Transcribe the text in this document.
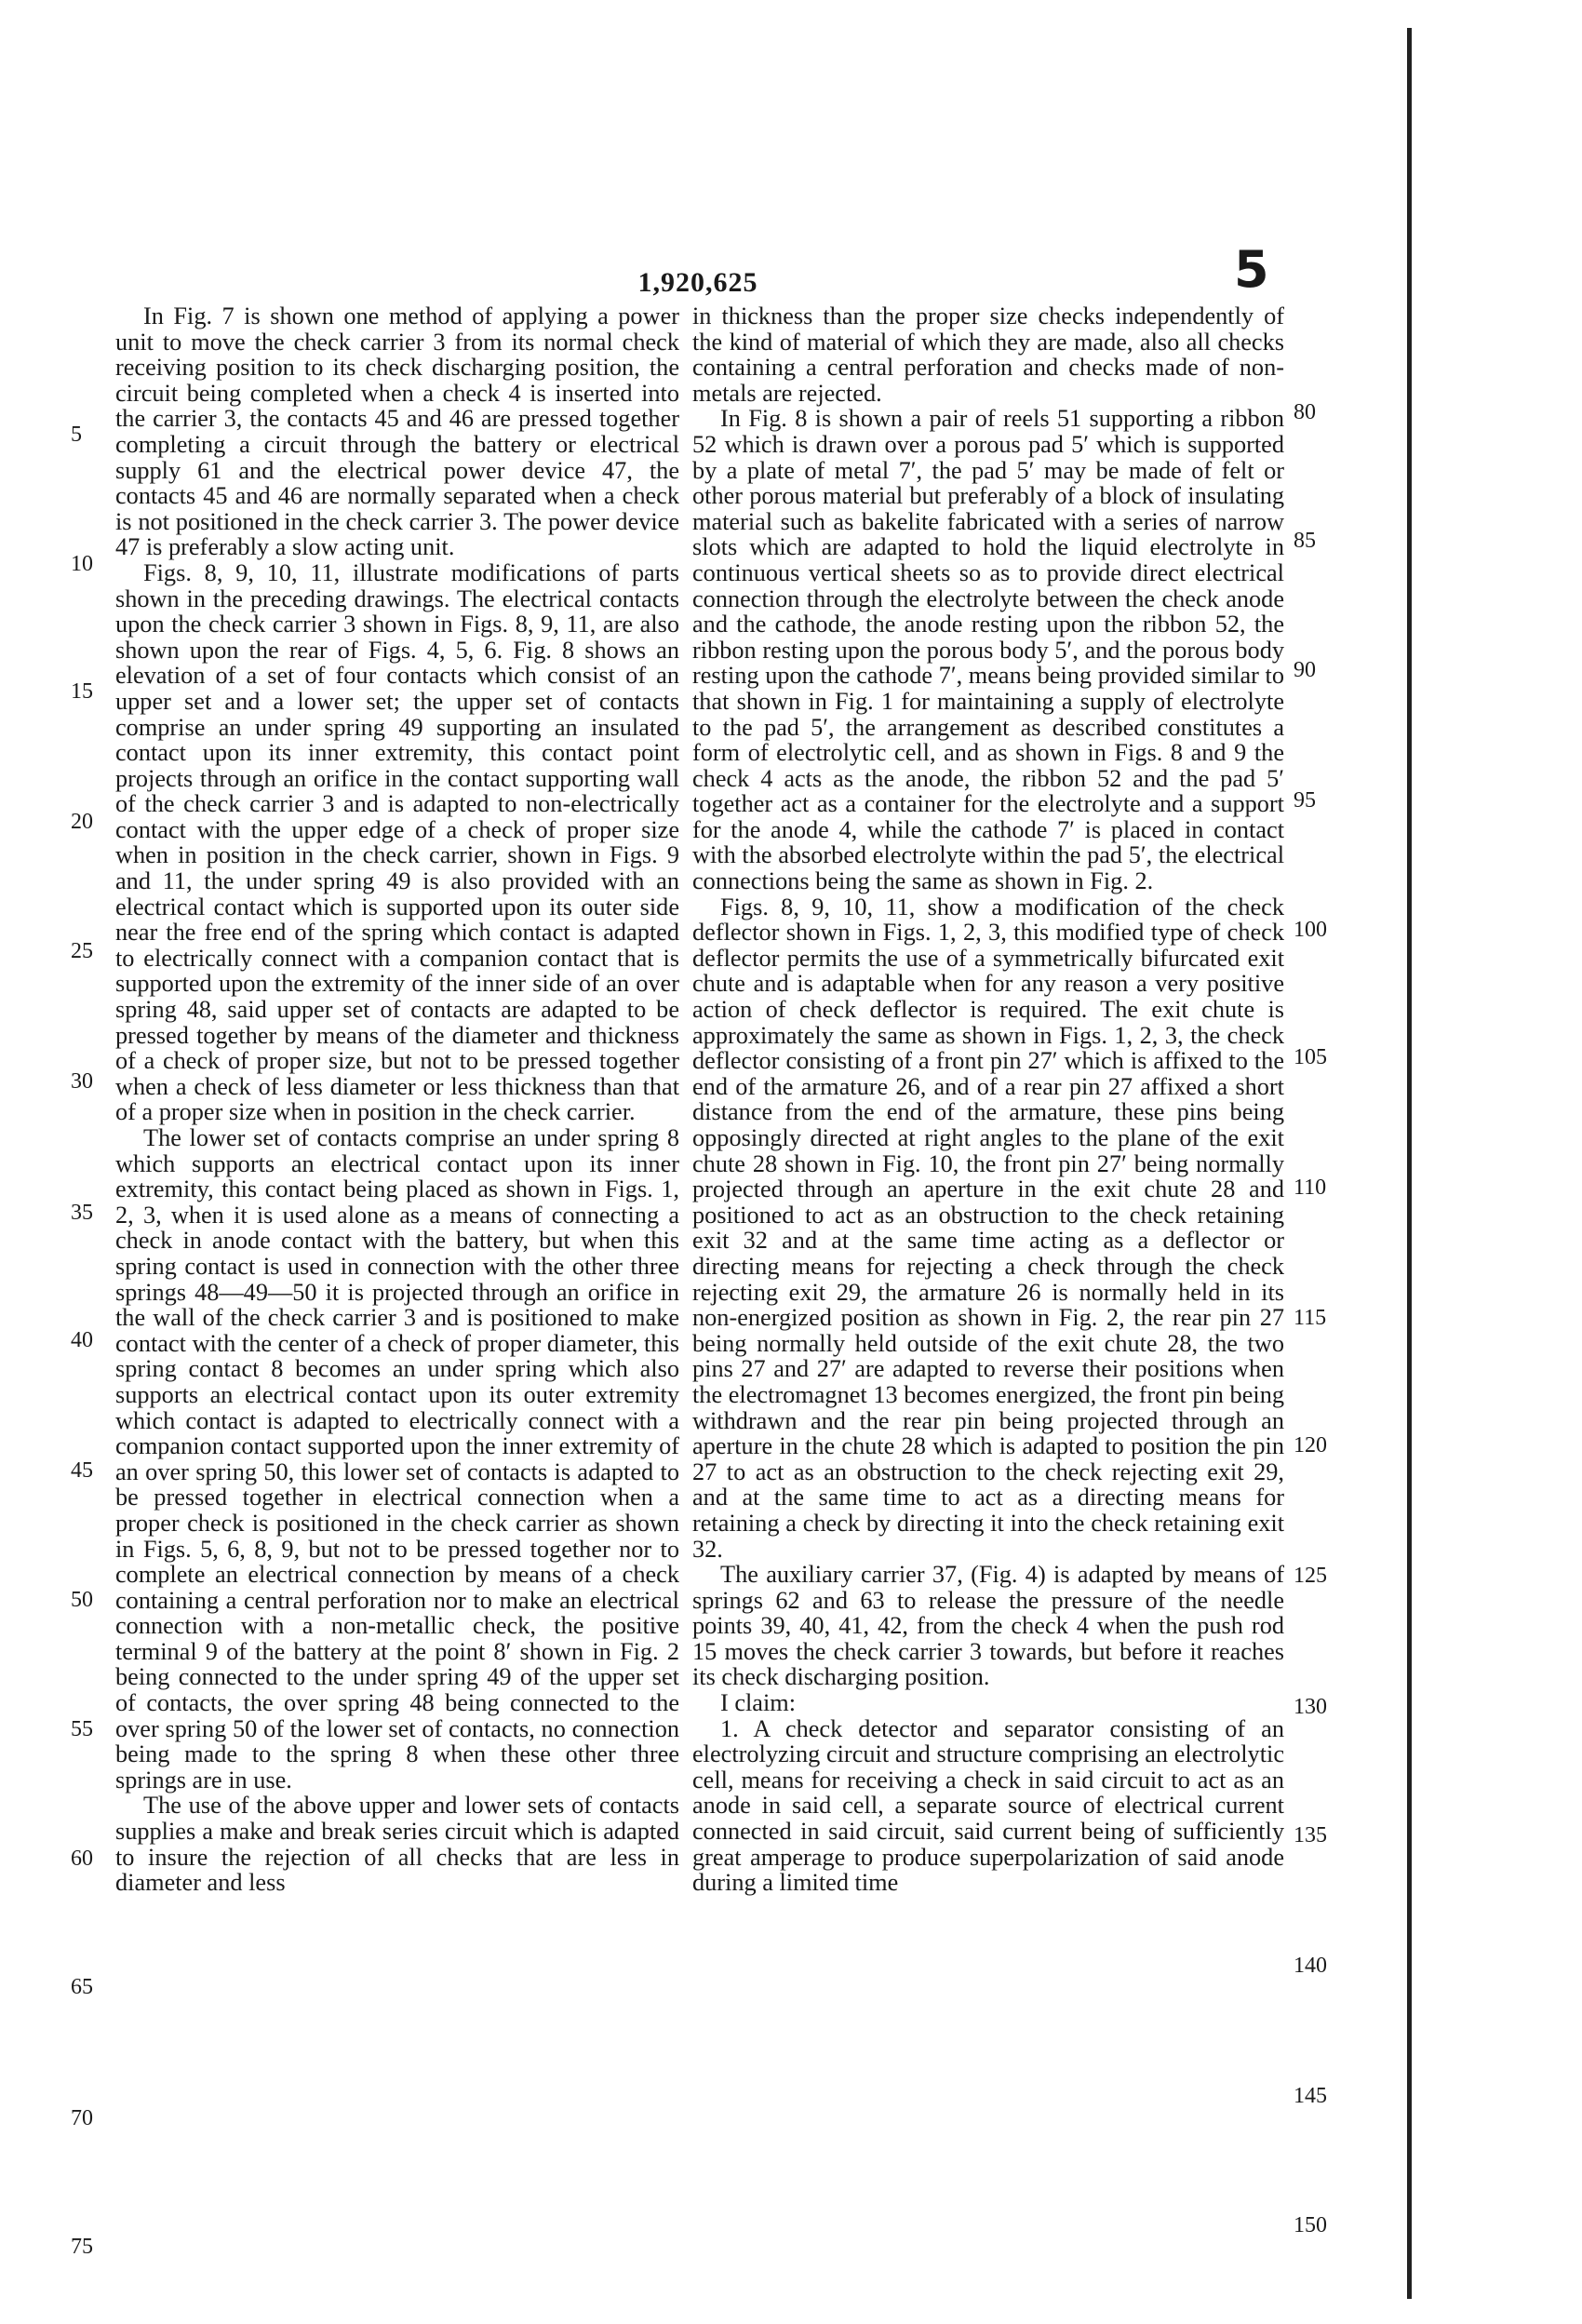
1,920,625	5

In Fig. 7 is shown one method of applying a power unit to move the check carrier 3 from its normal check receiving position to its check discharging position, the circuit being completed when a check 4 is inserted into the carrier 3, the contacts 45 and 46 are pressed together completing a circuit through the battery or electrical supply 61 and the electrical power device 47, the contacts 45 and 46 are normally separated when a check is not positioned in the check carrier 3. The power device 47 is preferably a slow acting unit.

Figs. 8, 9, 10, 11, illustrate modifications of parts shown in the preceding drawings. The electrical contacts upon the check carrier 3 shown in Figs. 8, 9, 11, are also shown upon the rear of Figs. 4, 5, 6. Fig. 8 shows an elevation of a set of four contacts which consist of an upper set and a lower set; the upper set of contacts comprise an under spring 49 supporting an insulated contact upon its inner extremity, this contact point projects through an orifice in the contact supporting wall of the check carrier 3 and is adapted to non-electrically contact with the upper edge of a check of proper size when in position in the check carrier, shown in Figs. 9 and 11, the under spring 49 is also provided with an electrical contact which is supported upon its outer side near the free end of the spring which contact is adapted to electrically connect with a companion contact that is supported upon the extremity of the inner side of an over spring 48, said upper set of contacts are adapted to be pressed together by means of the diameter and thickness of a check of proper size, but not to be pressed together when a check of less diameter or less thickness than that of a proper size when in position in the check carrier.

The lower set of contacts comprise an under spring 8 which supports an electrical contact upon its inner extremity, this contact being placed as shown in Figs. 1, 2, 3, when it is used alone as a means of connecting a check in anode contact with the battery, but when this spring contact is used in connection with the other three springs 48—49—50 it is projected through an orifice in the wall of the check carrier 3 and is positioned to make contact with the center of a check of proper diameter, this spring contact 8 becomes an under spring which also supports an electrical contact upon its outer extremity which contact is adapted to electrically connect with a companion contact supported upon the inner extremity of an over spring 50, this lower set of contacts is adapted to be pressed together in electrical connection when a proper check is positioned in the check carrier as shown in Figs. 5, 6, 8, 9, but not to be pressed together nor to complete an electrical connection by means of a check containing a central perforation nor to make an electrical connection with a non-metallic check, the positive terminal 9 of the battery at the point 8′ shown in Fig. 2 being connected to the under spring 49 of the upper set of contacts, the over spring 48 being connected to the over spring 50 of the lower set of contacts, no connection being made to the spring 8 when these other three springs are in use.

The use of the above upper and lower sets of contacts supplies a make and break series circuit which is adapted to insure the rejection of all checks that are less in diameter and less

in thickness than the proper size checks independently of the kind of material of which they are made, also all checks containing a central perforation and checks made of non-metals are rejected.

In Fig. 8 is shown a pair of reels 51 supporting a ribbon 52 which is drawn over a porous pad 5′ which is supported by a plate of metal 7′, the pad 5′ may be made of felt or other porous material but preferably of a block of insulating material such as bakelite fabricated with a series of narrow slots which are adapted to hold the liquid electrolyte in continuous vertical sheets so as to provide direct electrical connection through the electrolyte between the check anode and the cathode, the anode resting upon the ribbon 52, the ribbon resting upon the porous body 5′, and the porous body resting upon the cathode 7′, means being provided similar to that shown in Fig. 1 for maintaining a supply of electrolyte to the pad 5′, the arrangement as described constitutes a form of electrolytic cell, and as shown in Figs. 8 and 9 the check 4 acts as the anode, the ribbon 52 and the pad 5′ together act as a container for the electrolyte and a support for the anode 4, while the cathode 7′ is placed in contact with the absorbed electrolyte within the pad 5′, the electrical connections being the same as shown in Fig. 2.

Figs. 8, 9, 10, 11, show a modification of the check deflector shown in Figs. 1, 2, 3, this modified type of check deflector permits the use of a symmetrically bifurcated exit chute and is adaptable when for any reason a very positive action of check deflector is required. The exit chute is approximately the same as shown in Figs. 1, 2, 3, the check deflector consisting of a front pin 27′ which is affixed to the end of the armature 26, and of a rear pin 27 affixed a short distance from the end of the armature, these pins being opposingly directed at right angles to the plane of the exit chute 28 shown in Fig. 10, the front pin 27′ being normally projected through an aperture in the exit chute 28 and positioned to act as an obstruction to the check retaining exit 32 and at the same time acting as a deflector or directing means for rejecting a check through the check rejecting exit 29, the armature 26 is normally held in its non-energized position as shown in Fig. 2, the rear pin 27 being normally held outside of the exit chute 28, the two pins 27 and 27′ are adapted to reverse their positions when the electromagnet 13 becomes energized, the front pin being withdrawn and the rear pin being projected through an aperture in the chute 28 which is adapted to position the pin 27 to act as an obstruction to the check rejecting exit 29, and at the same time to act as a directing means for retaining a check by directing it into the check retaining exit 32.

The auxiliary carrier 37, (Fig. 4) is adapted by means of springs 62 and 63 to release the pressure of the needle points 39, 40, 41, 42, from the check 4 when the push rod 15 moves the check carrier 3 towards, but before it reaches its check discharging position.

I claim:

1. A check detector and separator consisting of an electrolyzing circuit and structure comprising an electrolytic cell, means for receiving a check in said circuit to act as an anode in said cell, a separate source of electrical current connected in said circuit, said current being of sufficiently great amperage to produce superpolarization of said anode during a limited time

5
10
15
20
25
30
35
40
45
50
55
60
65
70
75
80
85
90
95
100
105
110
115
120
125
130
135
140
145
150
